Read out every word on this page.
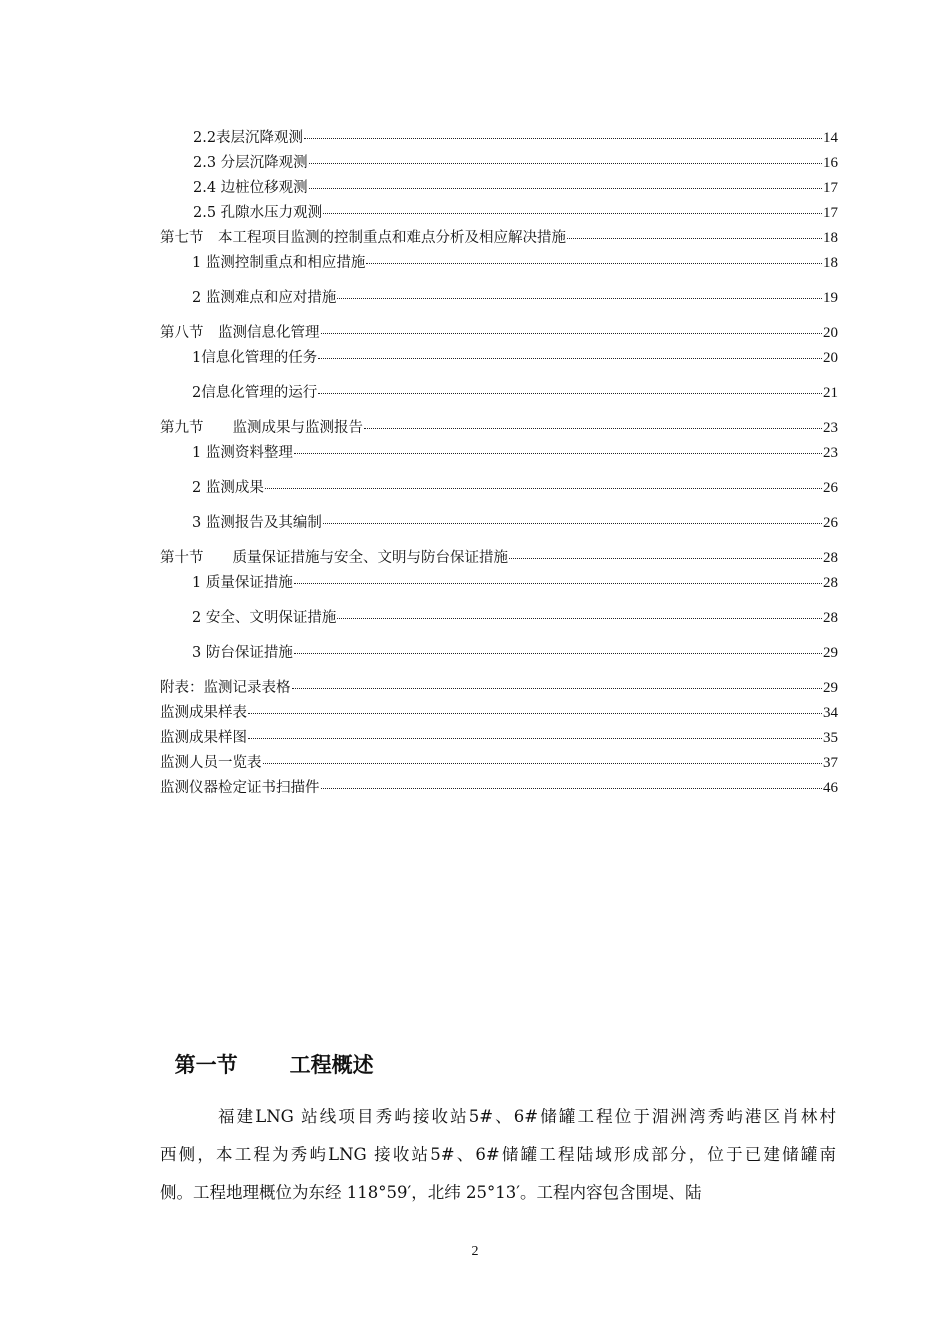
2.2表层沉降观测	14
2.3 分层沉降观测	16
2.4 边桩位移观测	17
2.5 孔隙水压力观测	17
第七节　本工程项目监测的控制重点和难点分析及相应解决措施	18
1 监测控制重点和相应措施	18
2 监测难点和应对措施	19
第八节　监测信息化管理	20
1信息化管理的任务	20
2信息化管理的运行	21
第九节　　监测成果与监测报告	23
1 监测资料整理	23
2 监测成果	26
3 监测报告及其编制	26
第十节　　质量保证措施与安全、文明与防台保证措施	28
1 质量保证措施	28
2 安全、文明保证措施	28
3 防台保证措施	29
附表：监测记录表格	29
监测成果样表	34
监测成果样图	35
监测人员一览表	37
监测仪器检定证书扫描件	46

第一节 工程概述

福建LNG 站线项目秀屿接收站5#、6#储罐工程位于湄洲湾秀屿港区肖林村
西侧，本工程为秀屿LNG 接收站5#、6#储罐工程陆域形成部分，位于已建储罐南
侧。工程地理概位为东经 118°59′，北纬 25°13′。工程内容包含围堤、陆
2
